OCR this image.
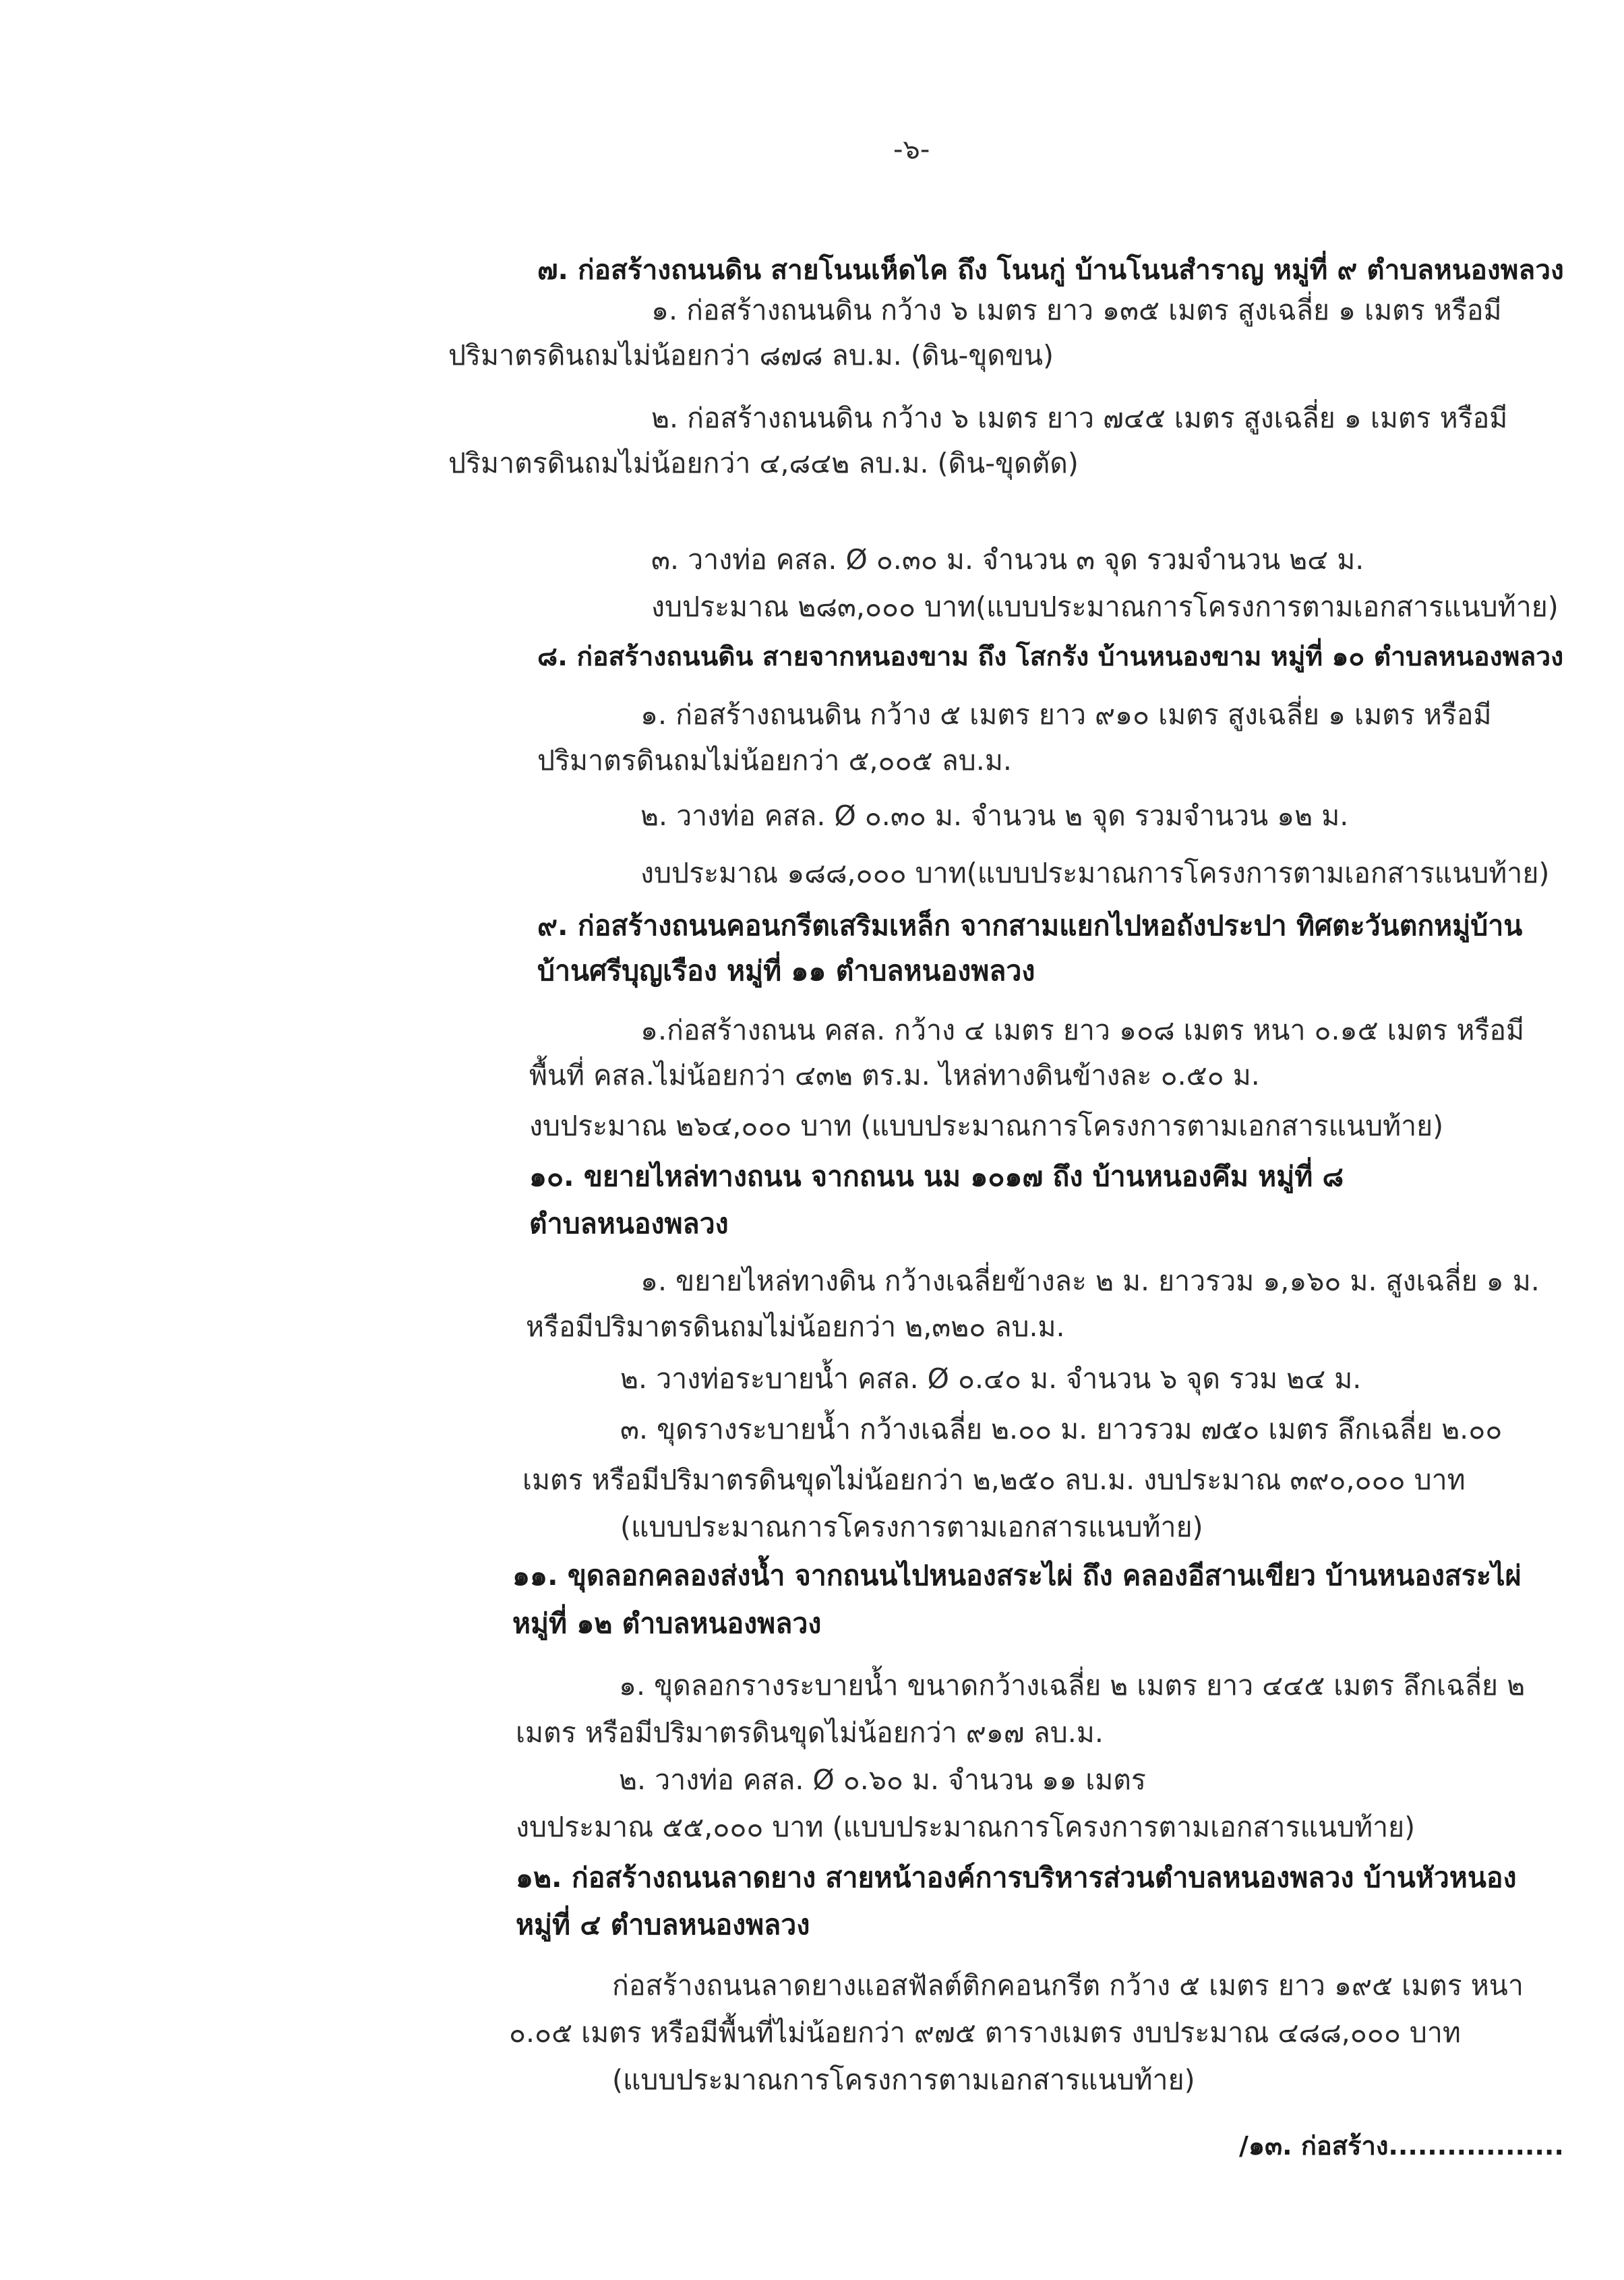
-๖-
๗. ก่อสร้างถนนดิน สายโนนเห็ดไค ถึง โนนกู่ บ้านโนนสำราญ หมู่ที่ ๙ ตำบลหนองพลวง
๑. ก่อสร้างถนนดิน กว้าง ๖ เมตร ยาว ๑๓๕ เมตร สูงเฉลี่ย ๑ เมตร หรือมี
ปริมาตรดินถมไม่น้อยกว่า ๘๗๘ ลบ.ม. (ดิน-ขุดขน)
๒. ก่อสร้างถนนดิน กว้าง ๖ เมตร ยาว ๗๔๕ เมตร สูงเฉลี่ย ๑ เมตร หรือมี
ปริมาตรดินถมไม่น้อยกว่า ๔,๘๔๒ ลบ.ม. (ดิน-ขุดตัด)
๓. วางท่อ คสล. Ø ๐.๓๐ ม. จำนวน ๓ จุด รวมจำนวน ๒๔ ม.
งบประมาณ ๒๘๓,๐๐๐ บาท(แบบประมาณการโครงการตามเอกสารแนบท้าย)
๘. ก่อสร้างถนนดิน สายจากหนองขาม ถึง โสกรัง บ้านหนองขาม หมู่ที่ ๑๐ ตำบลหนองพลวง
๑. ก่อสร้างถนนดิน กว้าง ๕ เมตร ยาว ๙๑๐ เมตร สูงเฉลี่ย ๑ เมตร หรือมี
ปริมาตรดินถมไม่น้อยกว่า ๕,๐๐๕ ลบ.ม.
๒. วางท่อ คสล. Ø ๐.๓๐ ม. จำนวน ๒ จุด รวมจำนวน ๑๒ ม.
งบประมาณ ๑๘๘,๐๐๐ บาท(แบบประมาณการโครงการตามเอกสารแนบท้าย)
๙. ก่อสร้างถนนคอนกรีตเสริมเหล็ก จากสามแยกไปหอถังประปา ทิศตะวันตกหมู่บ้าน
บ้านศรีบุญเรือง หมู่ที่ ๑๑ ตำบลหนองพลวง
๑.ก่อสร้างถนน คสล. กว้าง ๔ เมตร ยาว ๑๐๘ เมตร หนา ๐.๑๕ เมตร หรือมี
พื้นที่ คสล.ไม่น้อยกว่า ๔๓๒ ตร.ม. ไหล่ทางดินข้างละ ๐.๕๐ ม.
งบประมาณ ๒๖๔,๐๐๐ บาท (แบบประมาณการโครงการตามเอกสารแนบท้าย)
๑๐. ขยายไหล่ทางถนน จากถนน นม ๑๐๑๗ ถึง บ้านหนองคึม หมู่ที่ ๘
ตำบลหนองพลวง
๑. ขยายไหล่ทางดิน กว้างเฉลี่ยข้างละ ๒ ม. ยาวรวม ๑,๑๖๐ ม. สูงเฉลี่ย ๑ ม.
หรือมีปริมาตรดินถมไม่น้อยกว่า ๒,๓๒๐ ลบ.ม.
๒. วางท่อระบายน้ำ คสล. Ø ๐.๔๐ ม. จำนวน ๖ จุด รวม ๒๔ ม.
๓. ขุดรางระบายน้ำ กว้างเฉลี่ย ๒.๐๐ ม. ยาวรวม ๗๕๐ เมตร ลึกเฉลี่ย ๒.๐๐
เมตร หรือมีปริมาตรดินขุดไม่น้อยกว่า ๒,๒๕๐ ลบ.ม. งบประมาณ ๓๙๐,๐๐๐ บาท
(แบบประมาณการโครงการตามเอกสารแนบท้าย)
๑๑. ขุดลอกคลองส่งน้ำ จากถนนไปหนองสระไผ่ ถึง คลองอีสานเขียว บ้านหนองสระไผ่
หมู่ที่ ๑๒ ตำบลหนองพลวง
๑. ขุดลอกรางระบายน้ำ ขนาดกว้างเฉลี่ย ๒ เมตร ยาว ๔๔๕ เมตร ลึกเฉลี่ย ๒
เมตร หรือมีปริมาตรดินขุดไม่น้อยกว่า ๙๑๗ ลบ.ม.
๒. วางท่อ คสล. Ø ๐.๖๐ ม. จำนวน ๑๑ เมตร
งบประมาณ ๕๕,๐๐๐ บาท (แบบประมาณการโครงการตามเอกสารแนบท้าย)
๑๒. ก่อสร้างถนนลาดยาง สายหน้าองค์การบริหารส่วนตำบลหนองพลวง บ้านหัวหนอง
หมู่ที่ ๔ ตำบลหนองพลวง
ก่อสร้างถนนลาดยางแอสฟัลต์ติกคอนกรีต กว้าง ๕ เมตร ยาว ๑๙๕ เมตร หนา
๐.๐๕ เมตร หรือมีพื้นที่ไม่น้อยกว่า ๙๗๕ ตารางเมตร งบประมาณ ๔๘๘,๐๐๐ บาท
(แบบประมาณการโครงการตามเอกสารแนบท้าย)
/๑๓. ก่อสร้าง..................
